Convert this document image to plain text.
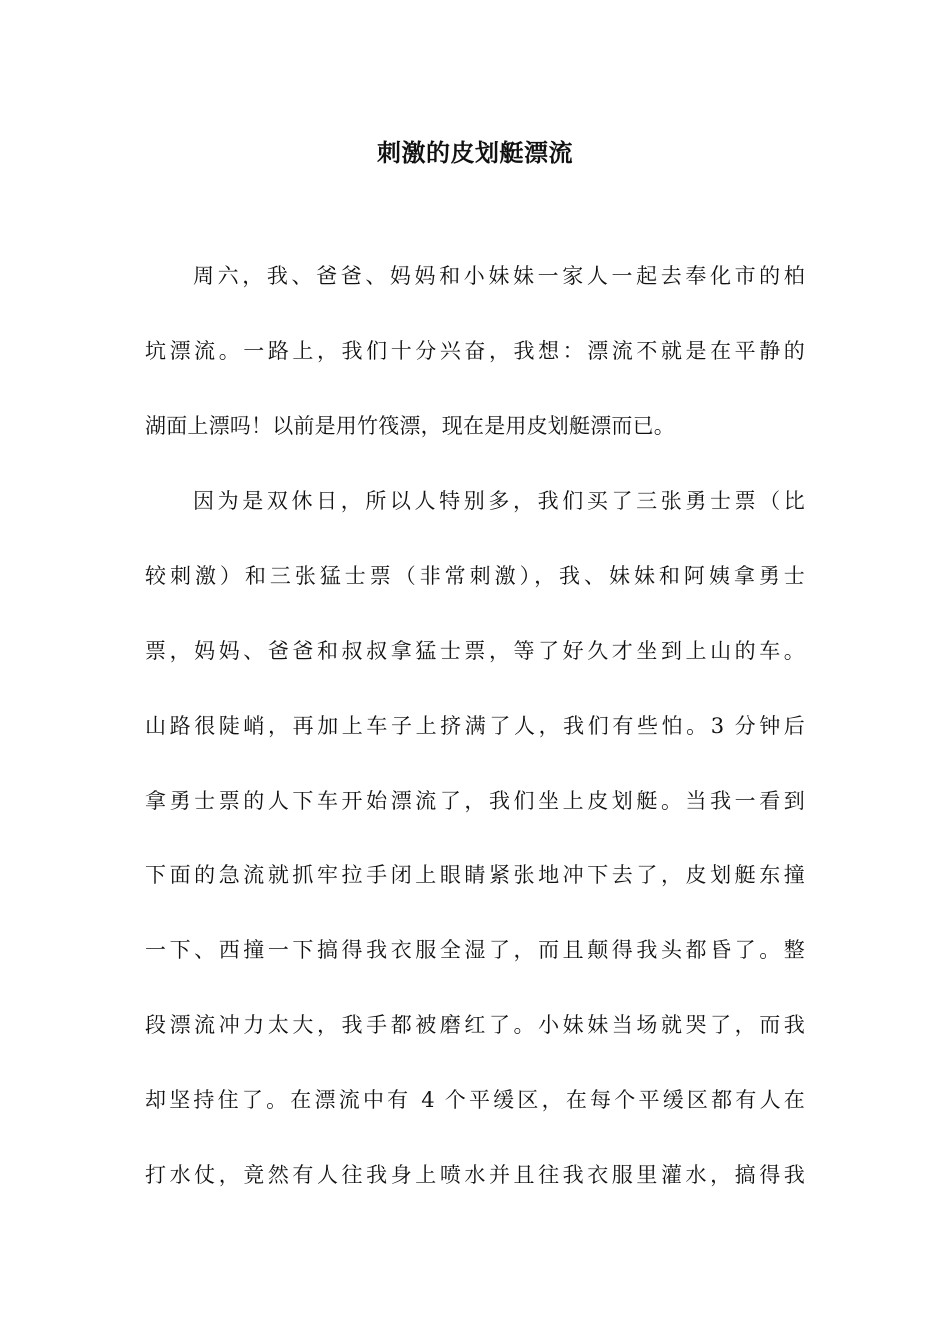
刺激的皮划艇漂流
周六，我、爸爸、妈妈和小妹妹一家人一起去奉化市的柏
坑漂流。一路上，我们十分兴奋，我想：漂流不就是在平静的
湖面上漂吗！以前是用竹筏漂，现在是用皮划艇漂而已。
因为是双休日，所以人特别多，我们买了三张勇士票（比
较刺激）和三张猛士票（非常刺激），我、妹妹和阿姨拿勇士
票，妈妈、爸爸和叔叔拿猛士票，等了好久才坐到上山的车。
山路很陡峭，再加上车子上挤满了人，我们有些怕。3 分钟后
拿勇士票的人下车开始漂流了，我们坐上皮划艇。当我一看到
下面的急流就抓牢拉手闭上眼睛紧张地冲下去了，皮划艇东撞
一下、西撞一下搞得我衣服全湿了，而且颠得我头都昏了。整
段漂流冲力太大，我手都被磨红了。小妹妹当场就哭了，而我
却坚持住了。在漂流中有 4 个平缓区，在每个平缓区都有人在
打水仗，竟然有人往我身上喷水并且往我衣服里灌水，搞得我
